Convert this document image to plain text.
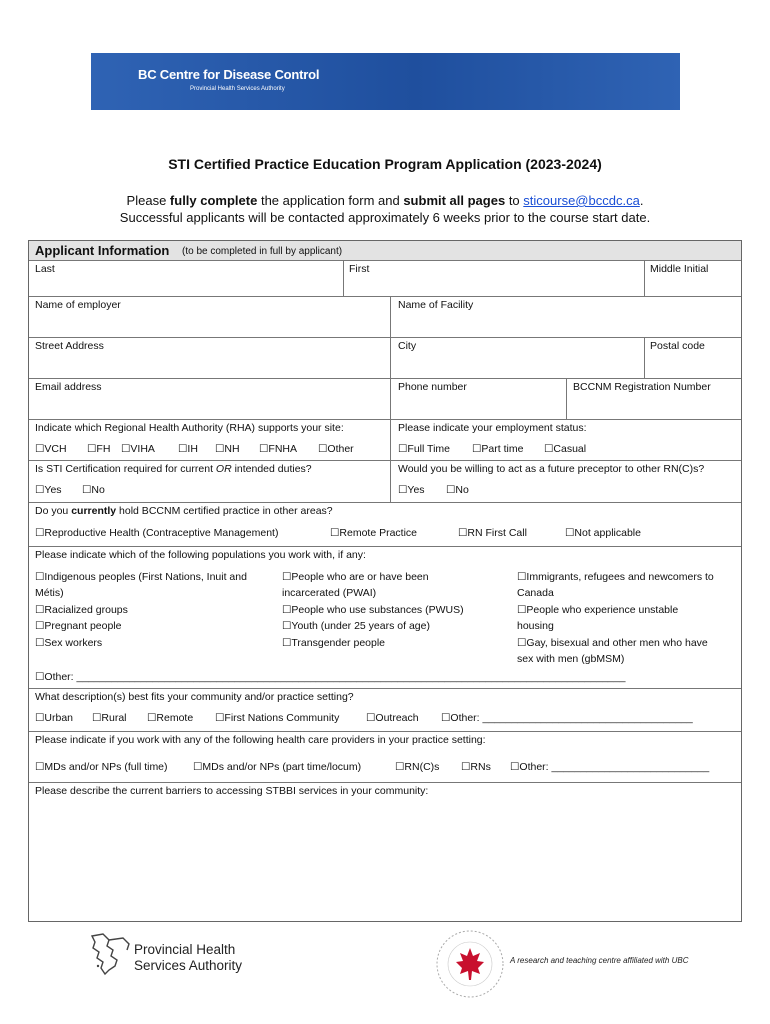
BC Centre for Disease Control
Provincial Health Services Authority
STI Certified Practice Education Program Application (2023-2024)
Please fully complete the application form and submit all pages to sticourse@bccdc.ca.
Successful applicants will be contacted approximately 6 weeks prior to the course start date.
Applicant Information (to be completed in full by applicant)
Last	First	Middle Initial
Name of employer	Name of Facility
Street Address	City	Postal code
Email address	Phone number	BCCNM Registration Number
Indicate which Regional Health Authority (RHA) supports your site:
☐VCH ☐FH ☐VIHA ☐IH ☐NH ☐FNHA ☐Other
Please indicate your employment status:
☐Full Time ☐Part time ☐Casual
Is STI Certification required for current OR intended duties?
☐Yes ☐No
Would you be willing to act as a future preceptor to other RN(C)s?
☐Yes ☐No
Do you currently hold BCCNM certified practice in other areas?
☐Reproductive Health (Contraceptive Management)	☐Remote Practice	☐RN First Call	☐Not applicable
Please indicate which of the following populations you work with, if any:
☐Indigenous peoples (First Nations, Inuit and
Métis)
☐Racialized groups
☐Pregnant people
☐Sex workers
☐People who are or have been
incarcerated (PWAI)
☐People who use substances (PWUS)
☐Youth (under 25 years of age)
☐Transgender people
☐Immigrants, refugees and newcomers to
Canada
☐People who experience unstable
housing
☐Gay, bisexual and other men who have
sex with men (gbMSM)
☐Other: ______________________________________________________________________________________________
What description(s) best fits your community and/or practice setting?
☐Urban ☐Rural ☐Remote ☐First Nations Community	☐Outreach ☐Other: ____________________________________
Please indicate if you work with any of the following health care providers in your practice setting:
☐MDs and/or NPs (full time) ☐MDs and/or NPs (part time/locum)	☐RN(C)s ☐RNs ☐Other: ___________________________
Please describe the current barriers to accessing STBBI services in your community:
Provincial Health
Services Authority	A research and teaching centre affiliated with UBC
